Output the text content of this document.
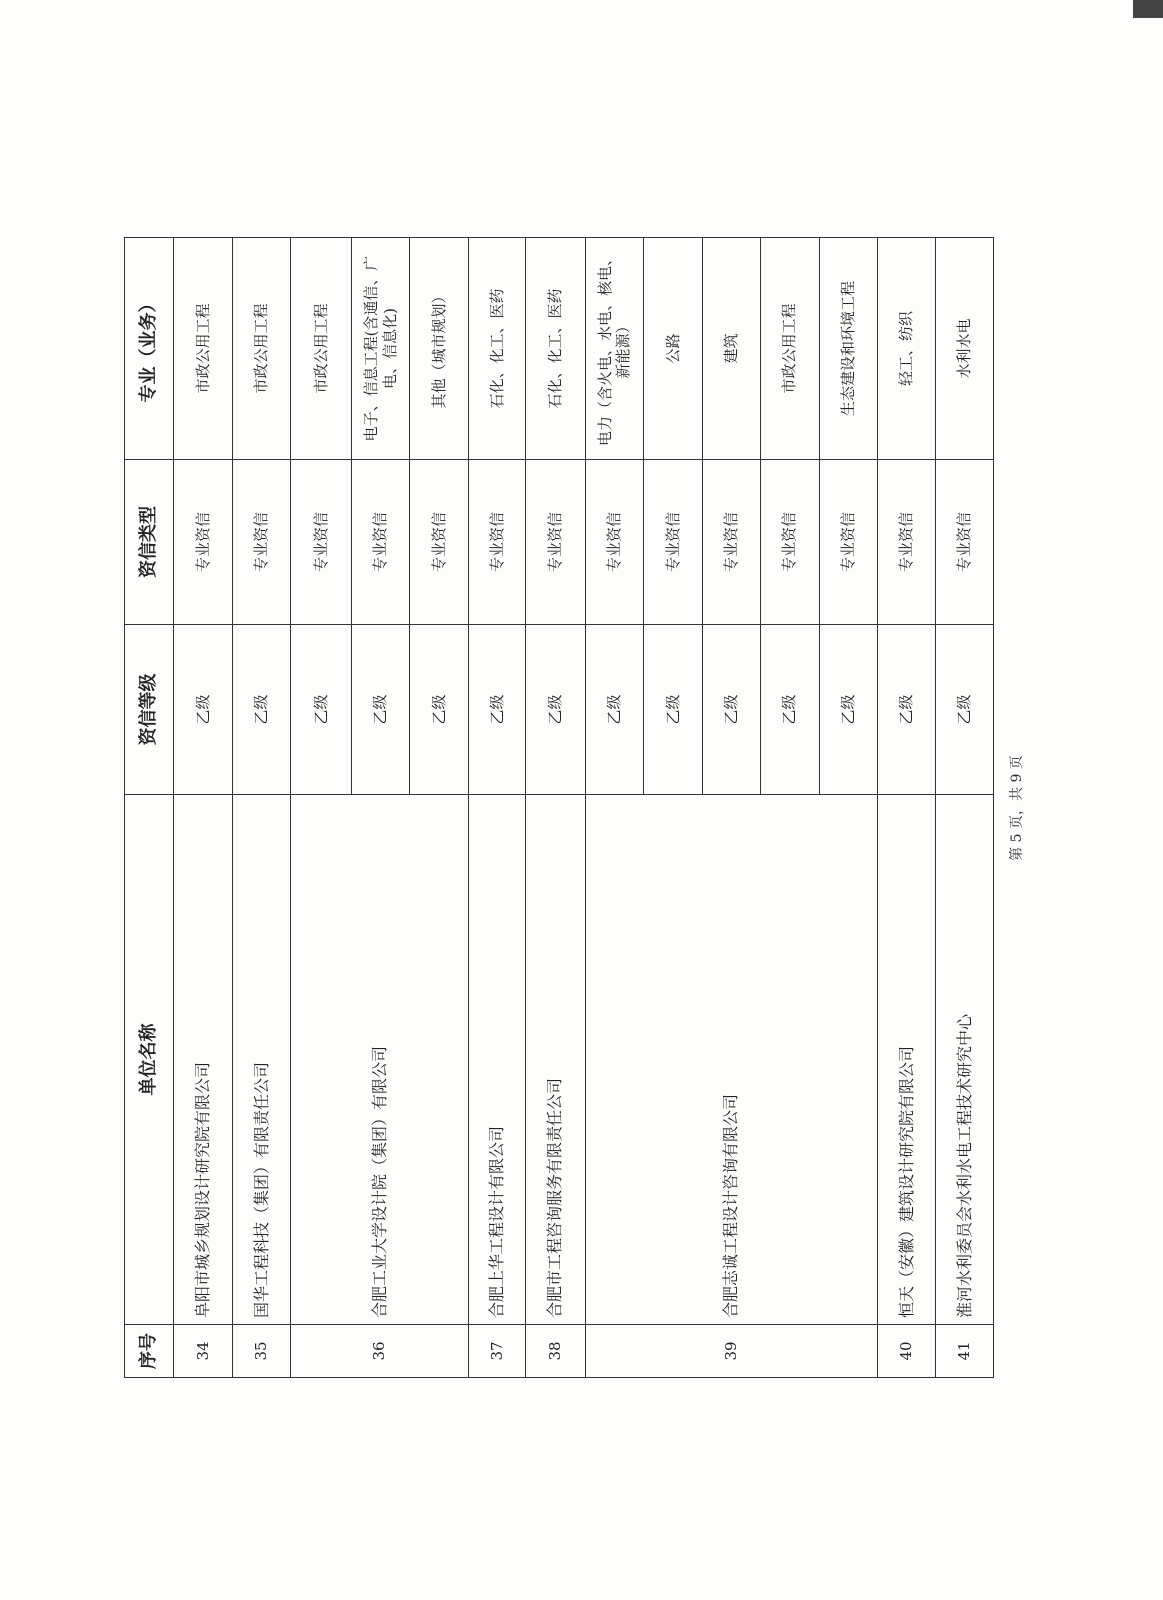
序号	单位名称	资信等级	资信类型	专业（业务）
34	阜阳市城乡规划设计研究院有限公司	乙级	专业资信	市政公用工程
35	国华工程科技（集团）有限责任公司	乙级	专业资信	市政公用工程
36	合肥工业大学设计院（集团）有限公司	乙级	专业资信	市政公用工程
		乙级	专业资信	电子、信息工程(含通信、广电、信息化)
		乙级	专业资信	其他（城市规划）
37	合肥上华工程设计有限公司	乙级	专业资信	石化、化工、医药
38	合肥市工程咨询服务有限责任公司	乙级	专业资信	石化、化工、医药
39	合肥志诚工程设计咨询有限公司	乙级	专业资信	电力（含火电、水电、核电、新能源）
		乙级	专业资信	公路
		乙级	专业资信	建筑
		乙级	专业资信	市政公用工程
		乙级	专业资信	生态建设和环境工程
40	恒天（安徽）建筑设计研究院有限公司	乙级	专业资信	轻工、纺织
41	淮河水利委员会水利水电工程技术研究中心	乙级	专业资信	水利水电
第 5 页，共 9 页
